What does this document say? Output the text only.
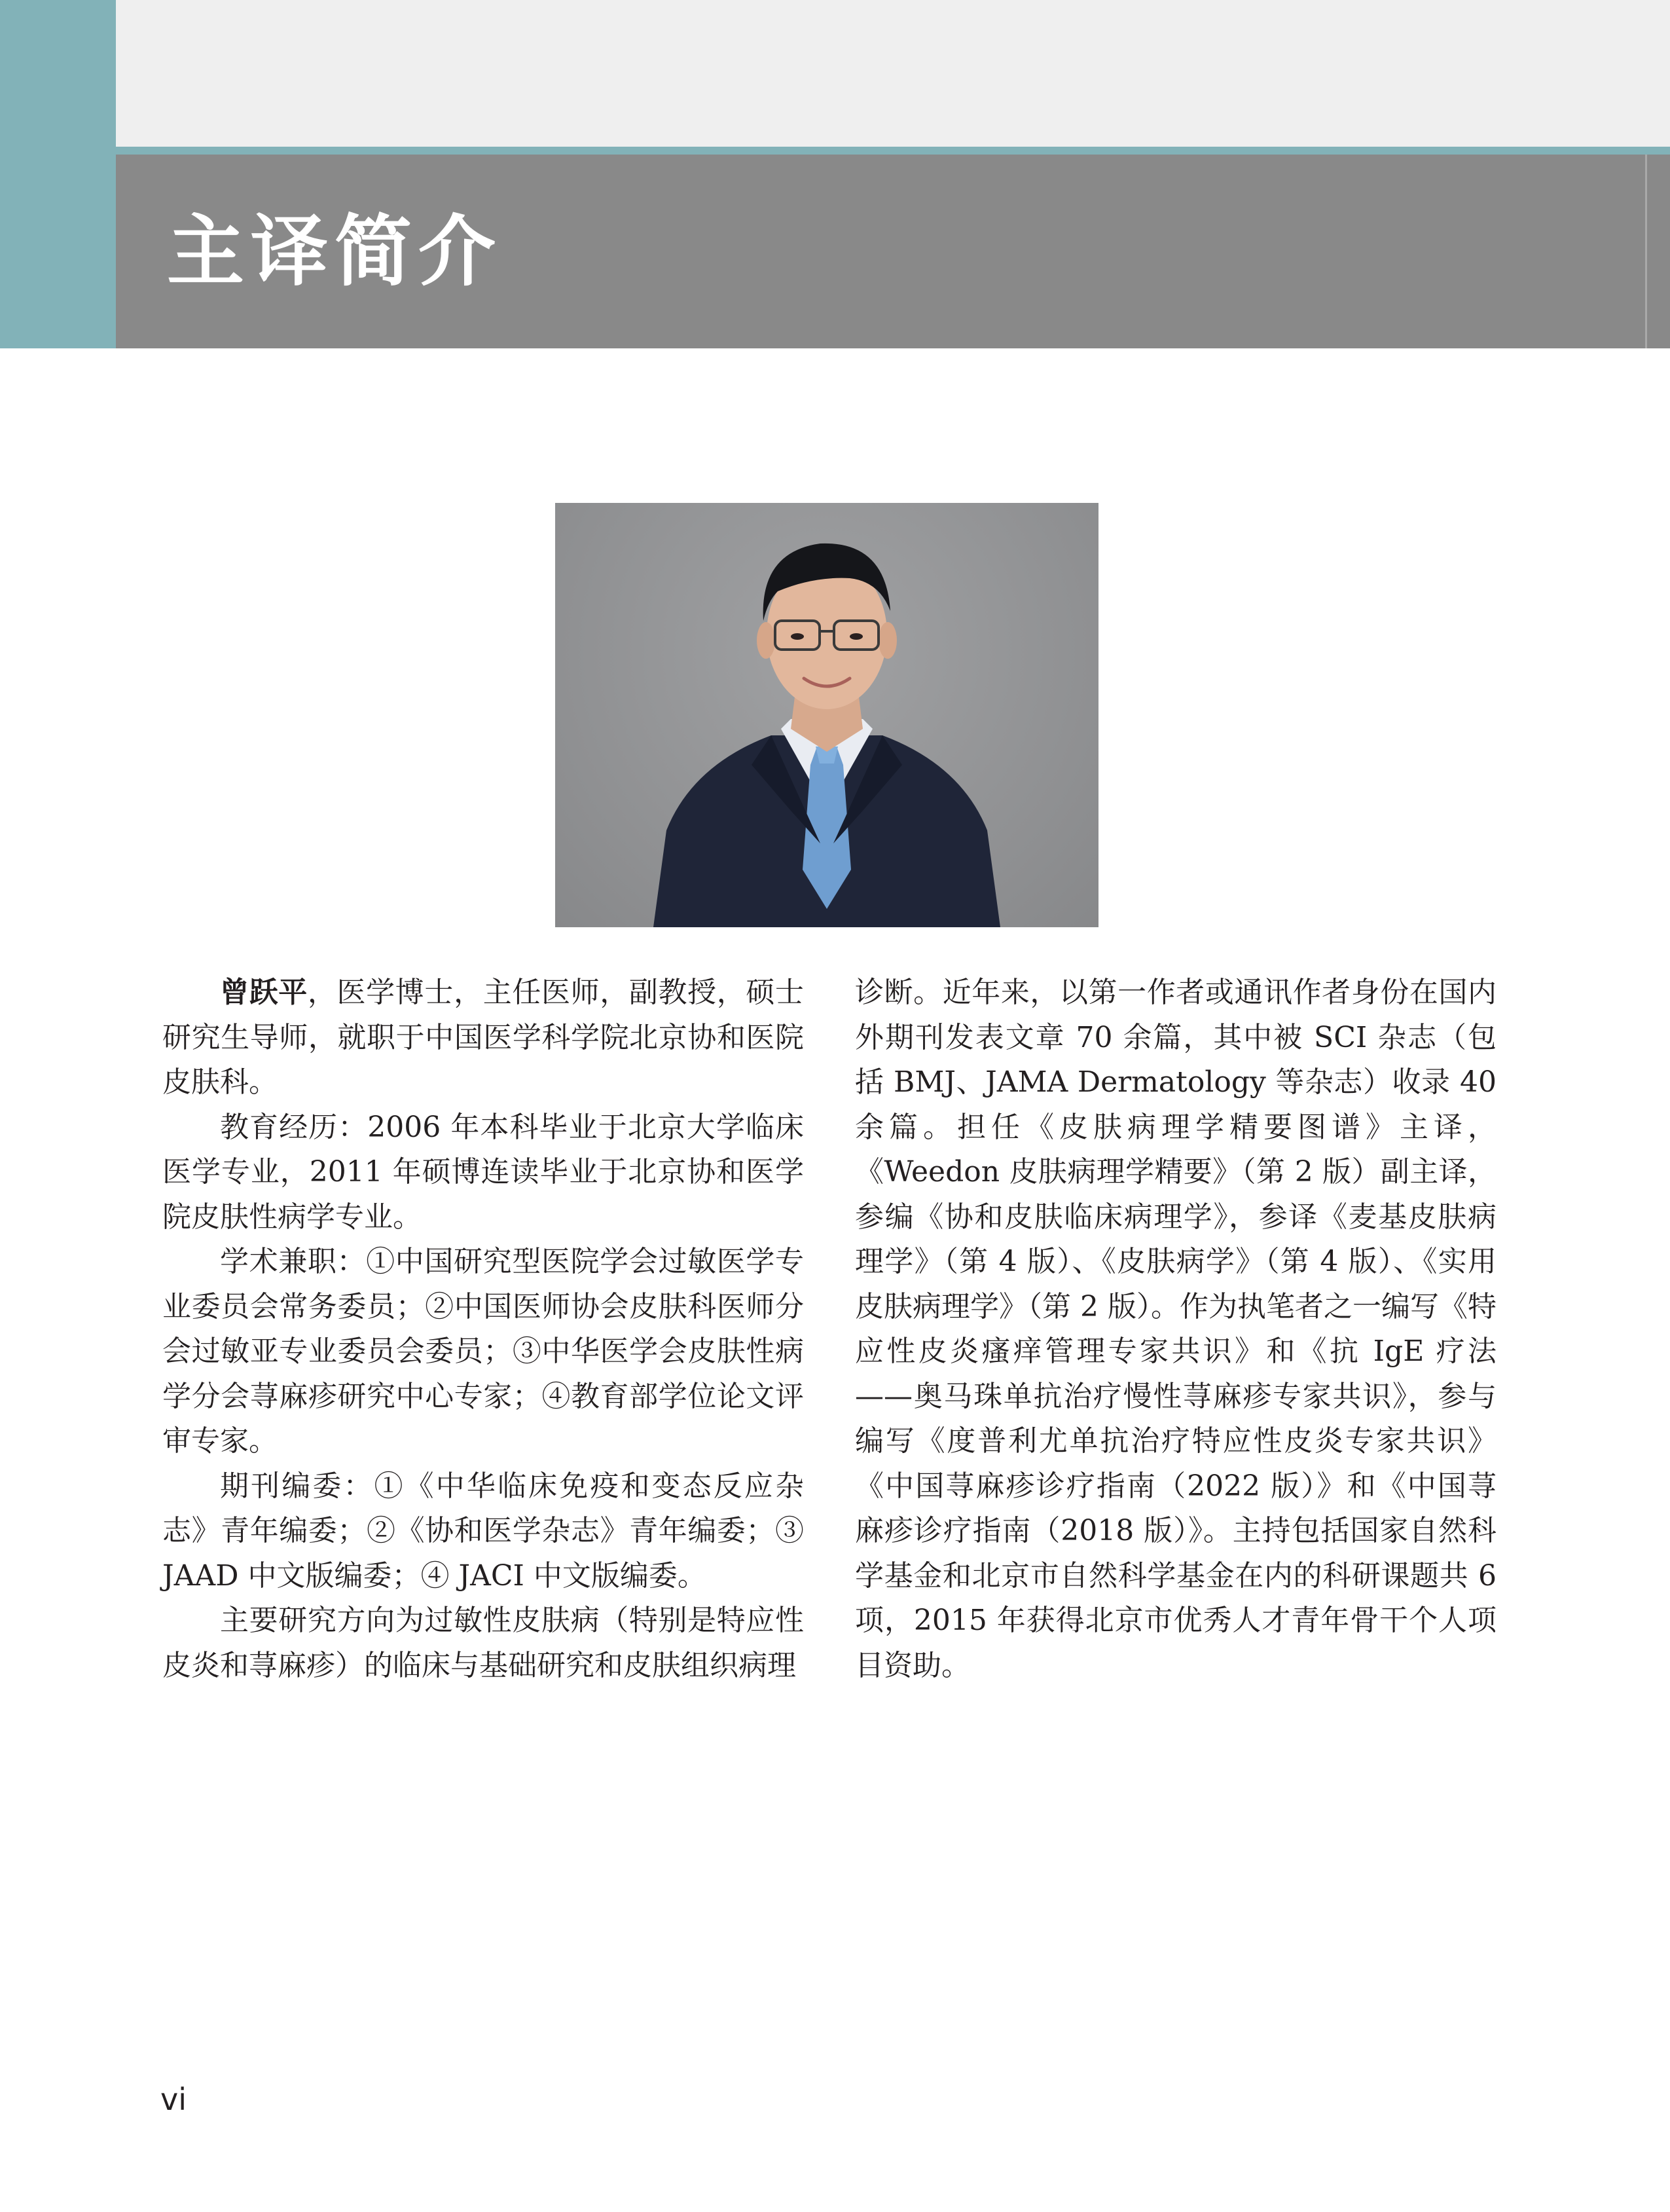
主译简介

曾跃平，医学博士，主任医师，副教授，硕士研究生导师，就职于中国医学科学院北京协和医院皮肤科。

教育经历：2006 年本科毕业于北京大学临床医学专业，2011 年硕博连读毕业于北京协和医学院皮肤性病学专业。

学术兼职：①中国研究型医院学会过敏医学专业委员会常务委员；②中国医师协会皮肤科医师分会过敏亚专业委员会委员；③中华医学会皮肤性病学分会荨麻疹研究中心专家；④教育部学位论文评审专家。

期刊编委：①《中华临床免疫和变态反应杂志》青年编委；②《协和医学杂志》青年编委；③ JAAD 中文版编委；④ JACI 中文版编委。

主要研究方向为过敏性皮肤病（特别是特应性皮炎和荨麻疹）的临床与基础研究和皮肤组织病理

诊断。近年来，以第一作者或通讯作者身份在国内外期刊发表文章 70 余篇，其中被 SCI 杂志（包括 BMJ、JAMA Dermatology 等杂志）收录 40 余篇。担任《皮肤病理学精要图谱》主译，《Weedon 皮肤病理学精要》（第 2 版）副主译，参编《协和皮肤临床病理学》，参译《麦基皮肤病理学》（第 4 版）、《皮肤病学》（第 4 版）、《实用皮肤病理学》（第 2 版）。作为执笔者之一编写《特应性皮炎瘙痒管理专家共识》和《抗 IgE 疗法——奥马珠单抗治疗慢性荨麻疹专家共识》，参与编写《度普利尤单抗治疗特应性皮炎专家共识》《中国荨麻疹诊疗指南（2022 版）》和《中国荨麻疹诊疗指南（2018 版）》。主持包括国家自然科学基金和北京市自然科学基金在内的科研课题共 6 项，2015 年获得北京市优秀人才青年骨干个人项目资助。

vi
